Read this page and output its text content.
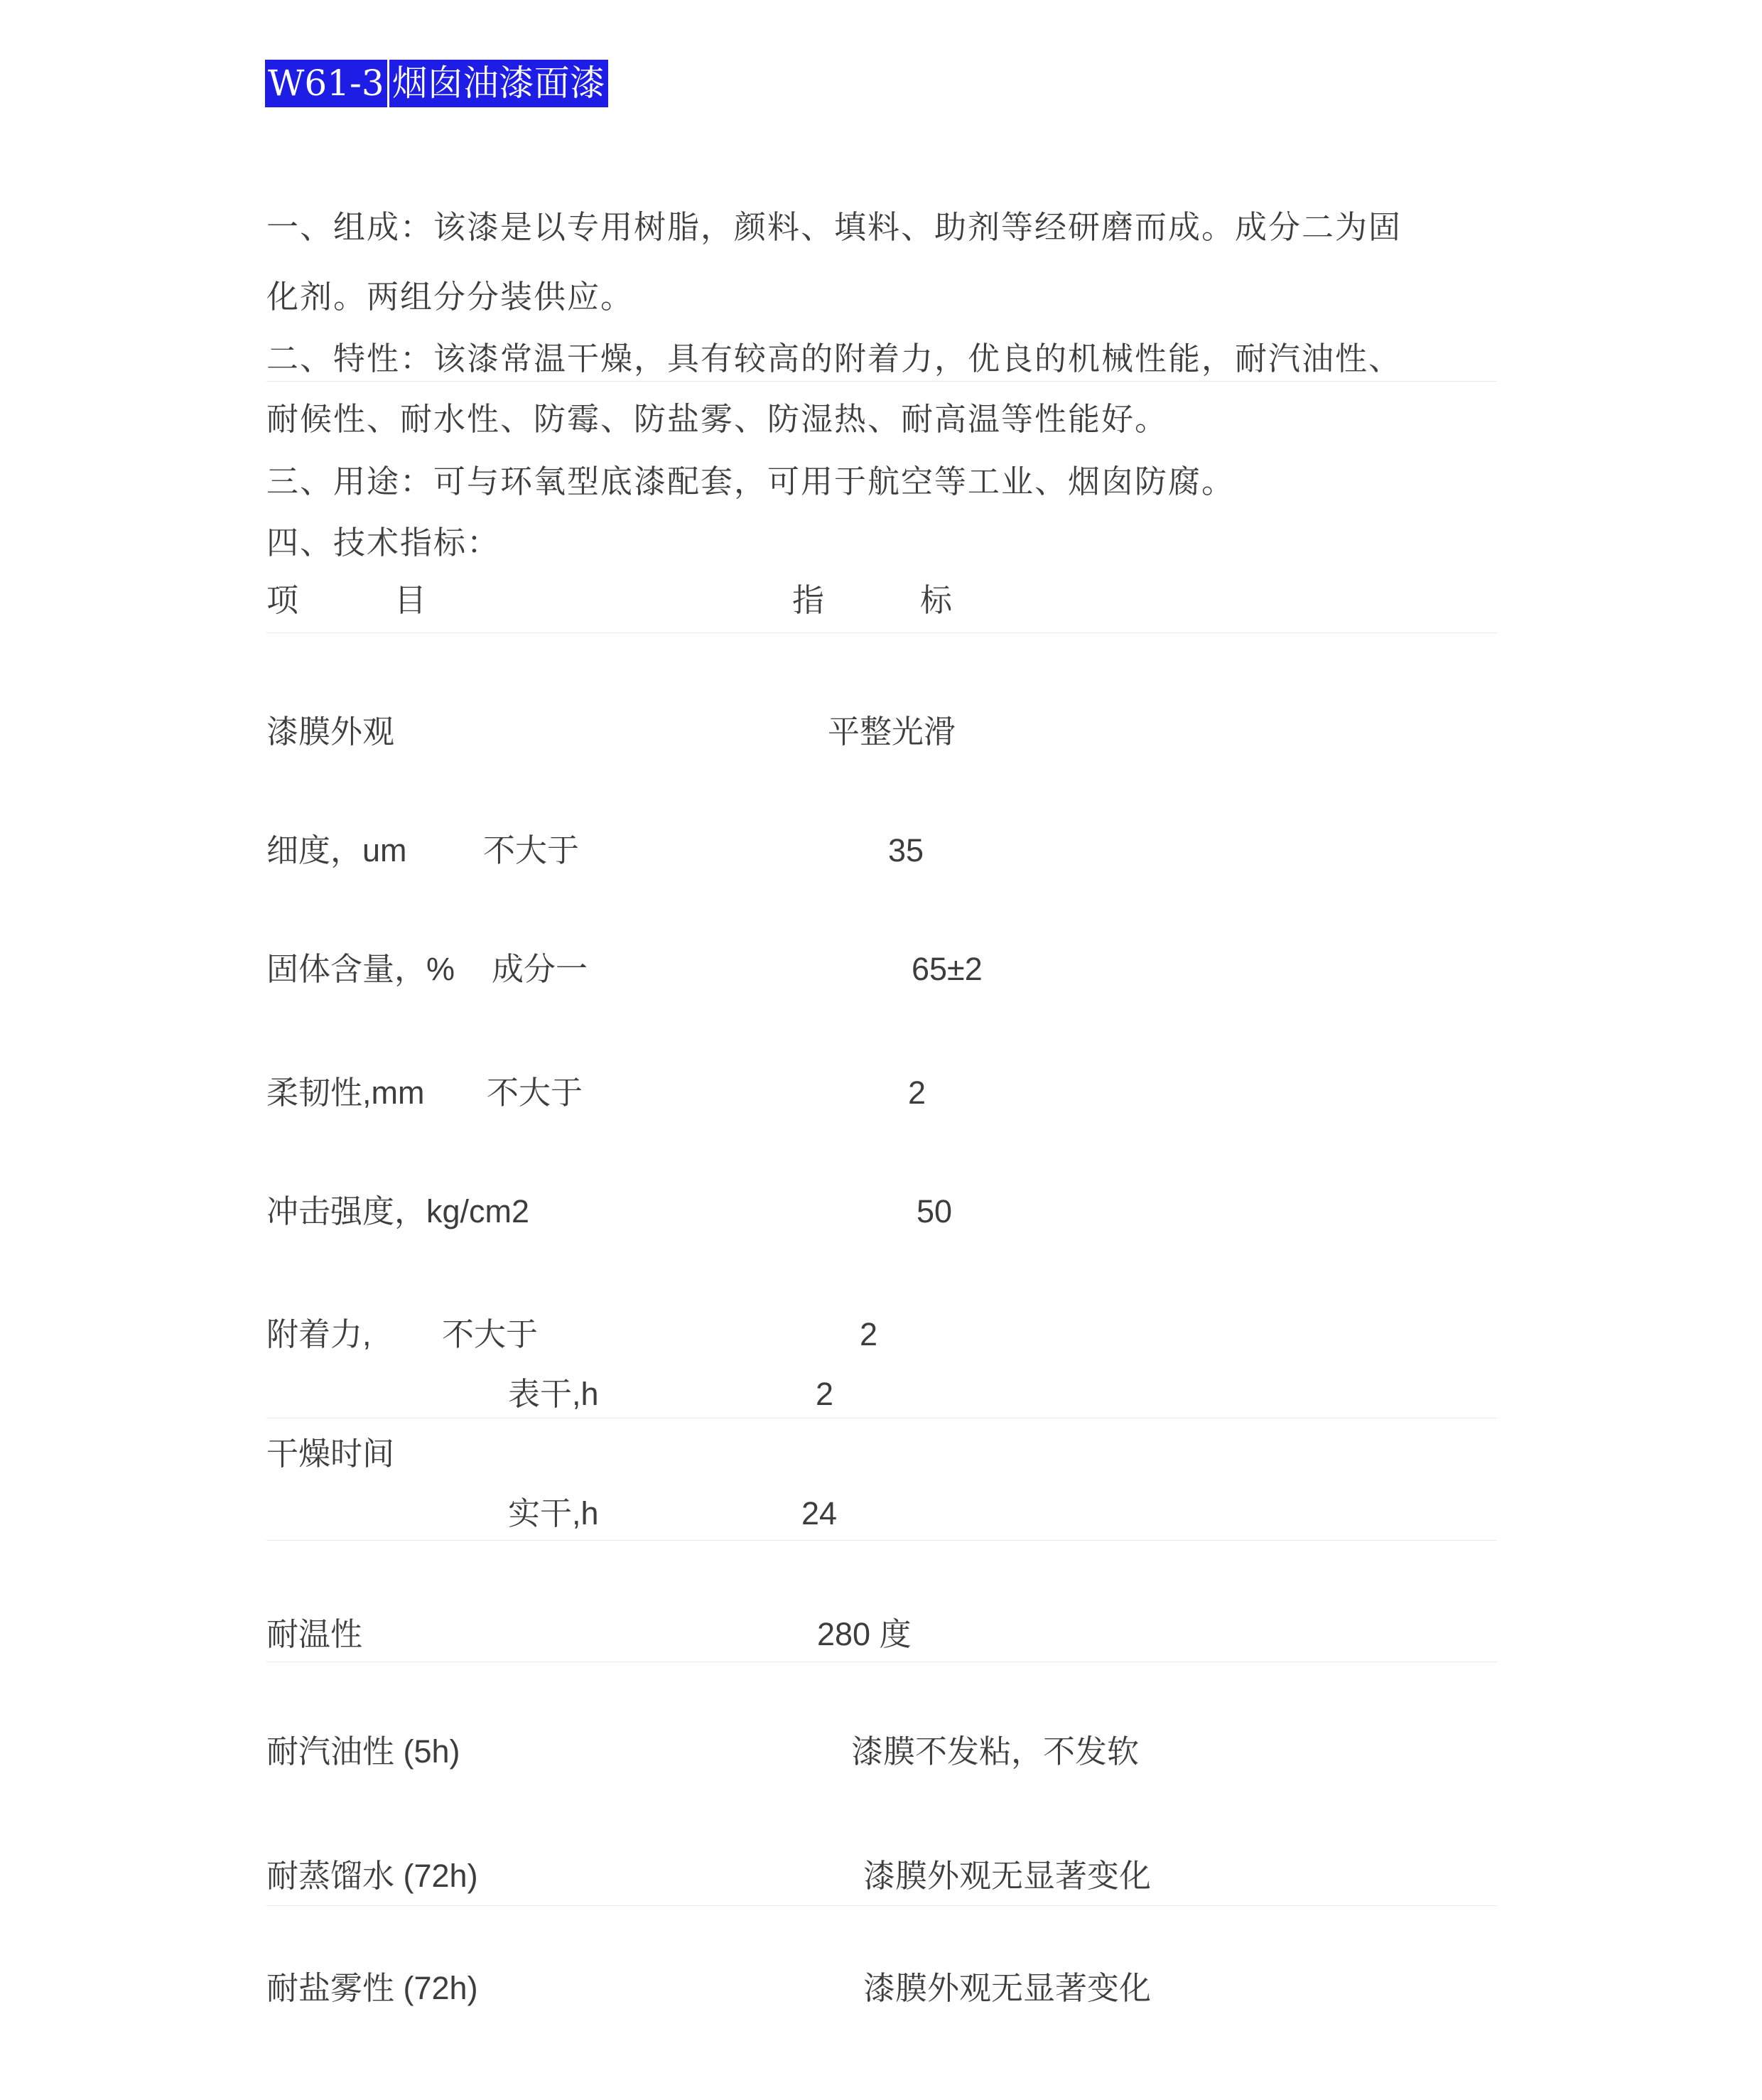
W61-3 烟囱油漆面漆
一、组成：该漆是以专用树脂，颜料、填料、助剂等经研磨而成。成分二为固
化剂。两组分分装供应。
二、特性：该漆常温干燥，具有较高的附着力，优良的机械性能，耐汽油性、
耐候性、耐水性、防霉、防盐雾、防湿热、耐高温等性能好。
三、用途：可与环氧型底漆配套，可用于航空等工业、烟囱防腐。
四、技术指标：
项　　　目	指　　　标
漆膜外观	平整光滑
细度，um 不大于	35
固体含量，% 成分一	65±2
柔韧性,mm 不大于	2
冲击强度，kg/cm2	50
附着力, 不大于	2
表干,h	2
干燥时间
实干,h	24
耐温性	280 度
耐汽油性 (5h)	漆膜不发粘，不发软
耐蒸馏水 (72h)	漆膜外观无显著变化
耐盐雾性 (72h)	漆膜外观无显著变化
